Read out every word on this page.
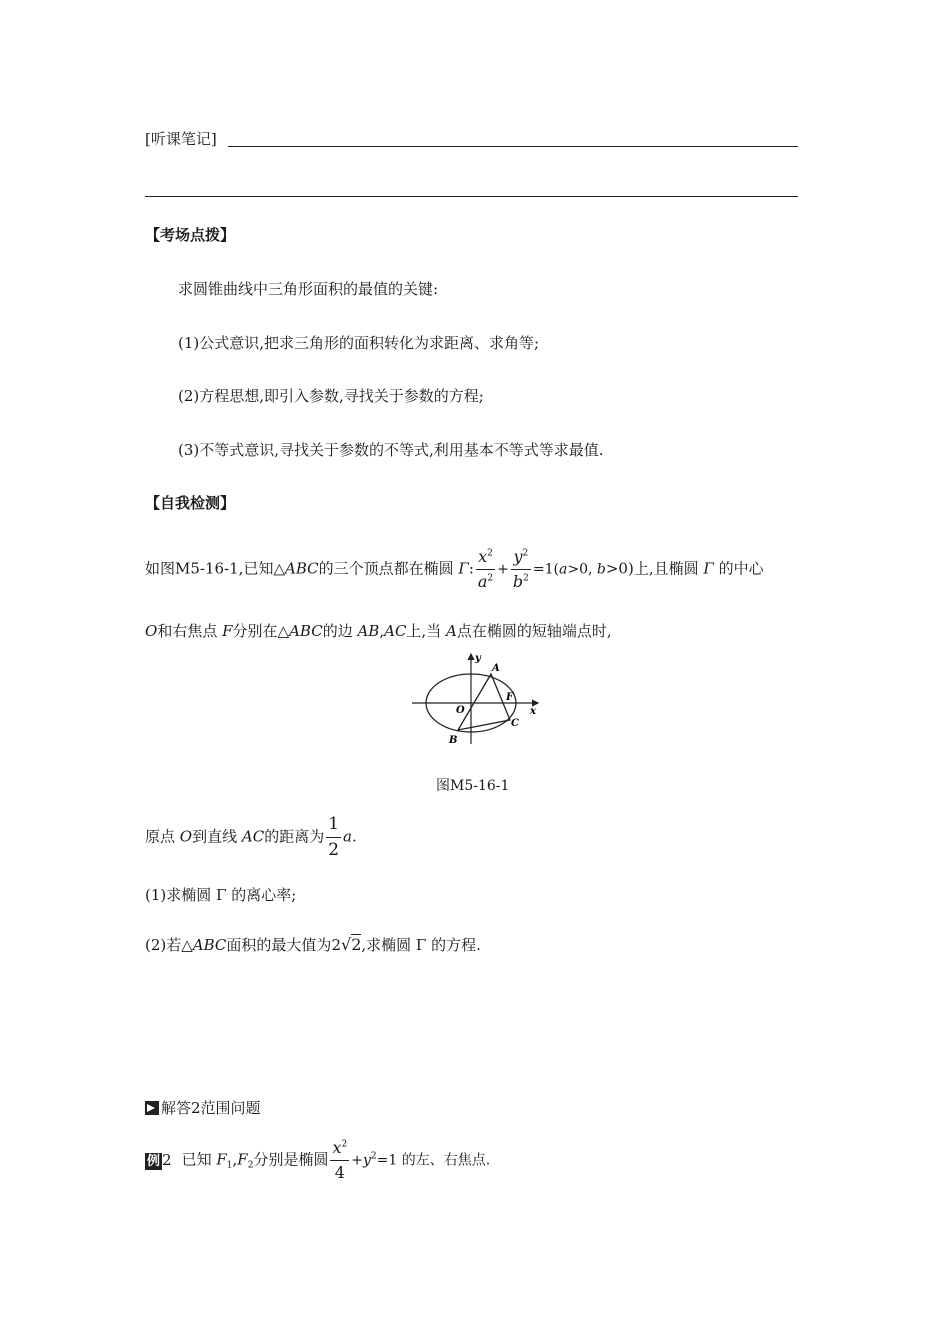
[听课笔记]
【考场点拨】
求圆锥曲线中三角形面积的最值的关键:
(1)公式意识,把求三角形的面积转化为求距离、求角等;
(2)方程思想,即引入参数,寻找关于参数的方程;
(3)不等式意识,寻找关于参数的不等式,利用基本不等式等求最值.
【自我检测】
如图M5-16-1,已知△ABC的三个顶点都在椭圆 Γ: $\frac{x^2}{a^2} + \frac{y^2}{b^2} =1(a>0$, b>0)上,且椭圆 Γ 的中心
O和右焦点 F分别在△ABC的边 AB,AC上,当 A点在椭圆的短轴端点时,
y
A
F
x
O
C
B
图M5-16-1
原点 O到直线 AC的距离为 $\frac{1}{2} a$.
(1)求椭圆 Γ 的离心率;
(2)若△ABC面积的最大值为2√2,求椭圆 Γ 的方程.
解答2范围问题
例 2 已知 $F_1,F_2$分别是椭圆 $\frac{x^2}{4} +y^2=1$ 的左、右焦点.
